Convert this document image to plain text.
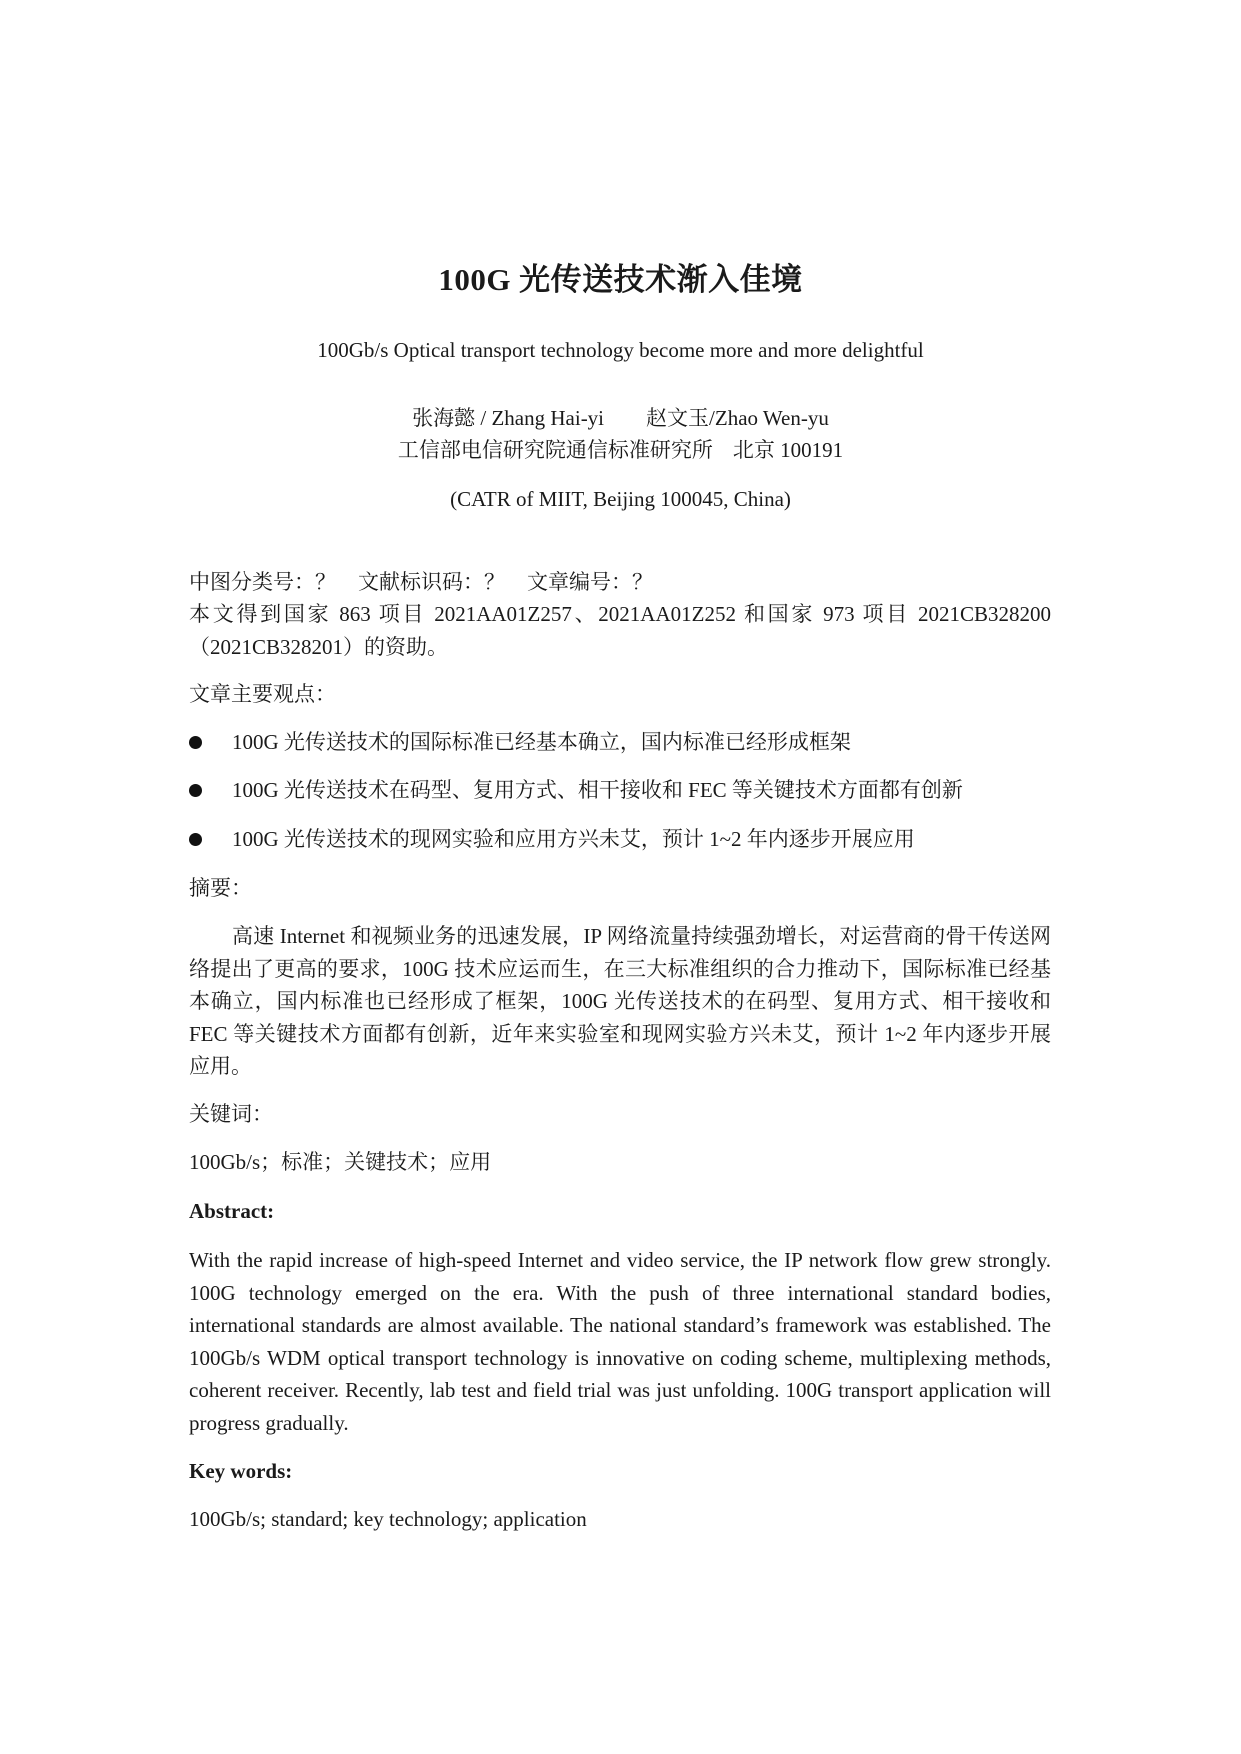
100G 光传送技术渐入佳境
100Gb/s Optical transport technology become more and more delightful
张海懿 / Zhang Hai-yi 赵文玉/Zhao Wen-yu
工信部电信研究院通信标准研究所 北京 100191
(CATR of MIIT, Beijing 100045, China)
中图分类号：？ 文献标识码：？ 文章编号：？
本文得到国家 863 项目 2021AA01Z257、2021AA01Z252 和国家 973 项目 2021CB328200（2021CB328201）的资助。
文章主要观点：
100G 光传送技术的国际标准已经基本确立，国内标准已经形成框架
100G 光传送技术在码型、复用方式、相干接收和 FEC 等关键技术方面都有创新
100G 光传送技术的现网实验和应用方兴未艾，预计 1~2 年内逐步开展应用
摘要：
高速 Internet 和视频业务的迅速发展，IP 网络流量持续强劲增长，对运营商的骨干传送网络提出了更高的要求，100G 技术应运而生，在三大标准组织的合力推动下，国际标准已经基本确立，国内标准也已经形成了框架，100G 光传送技术的在码型、复用方式、相干接收和 FEC 等关键技术方面都有创新，近年来实验室和现网实验方兴未艾，预计 1~2 年内逐步开展应用。
关键词：
100Gb/s；标准；关键技术；应用
Abstract:
With the rapid increase of high-speed Internet and video service, the IP network flow grew strongly. 100G technology emerged on the era. With the push of three international standard bodies, international standards are almost available. The national standard’s framework was established. The 100Gb/s WDM optical transport technology is innovative on coding scheme, multiplexing methods, coherent receiver. Recently, lab test and field trial was just unfolding. 100G transport application will progress gradually.
Key words:
100Gb/s; standard; key technology; application
